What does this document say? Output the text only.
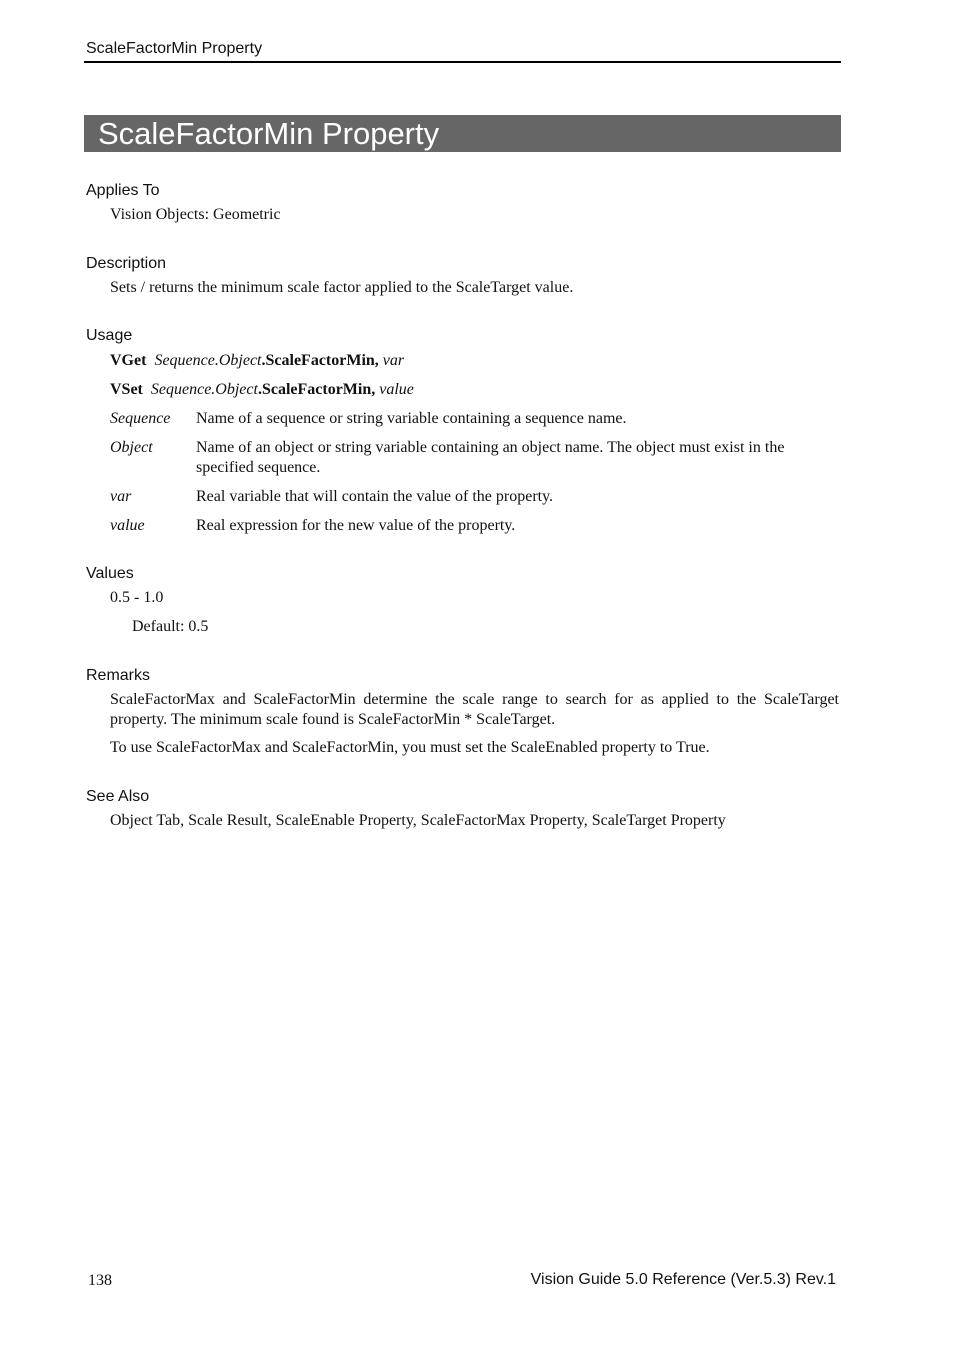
ScaleFactorMin Property
ScaleFactorMin Property
Applies To
Vision Objects: Geometric
Description
Sets / returns the minimum scale factor applied to the ScaleTarget value.
Usage
VGet Sequence.Object.ScaleFactorMin, var
VSet Sequence.Object.ScaleFactorMin, value
Sequence Name of a sequence or string variable containing a sequence name.
Object	Name of an object or string variable containing an object name. The object must exist in the specified sequence.
var	Real variable that will contain the value of the property.
value	Real expression for the new value of the property.
Values
0.5 - 1.0
Default: 0.5
Remarks
ScaleFactorMax and ScaleFactorMin determine the scale range to search for as applied to the ScaleTarget property. The minimum scale found is ScaleFactorMin * ScaleTarget.
To use ScaleFactorMax and ScaleFactorMin, you must set the ScaleEnabled property to True.
See Also
Object Tab, Scale Result, ScaleEnable Property, ScaleFactorMax Property, ScaleTarget Property
138	Vision Guide 5.0 Reference (Ver.5.3) Rev.1
